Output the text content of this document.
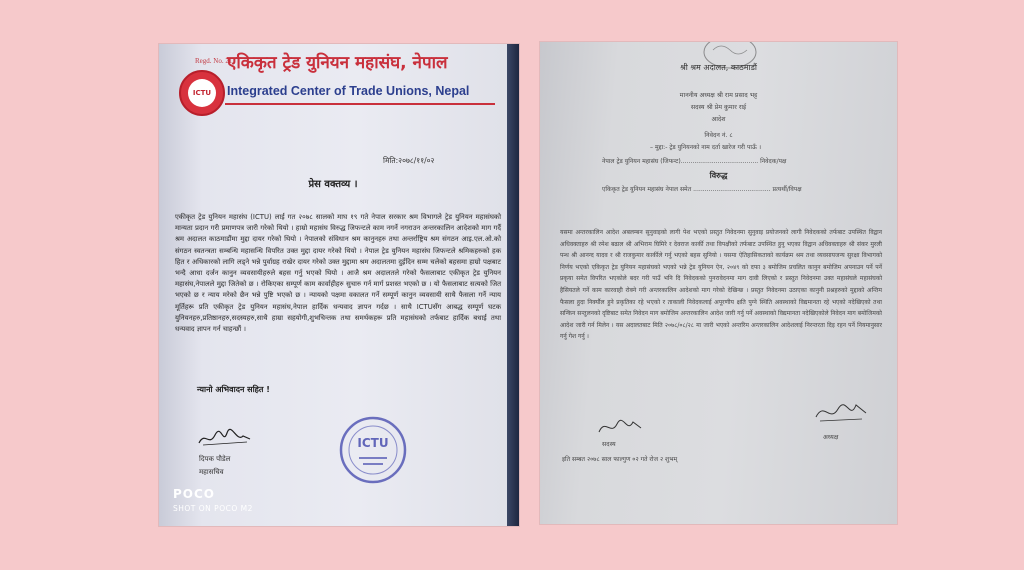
Regd. No. 21
ICTU
एकिकृत ट्रेड युनियन महासंघ, नेपाल
Integrated Center of Trade Unions, Nepal
मिति:२०७८/११/०२
प्रेस वक्तव्य ।
एकीकृत ट्रेड युनियन महासंघ (ICTU) लाई गत २०७८ सालको माघ १९ गते नेपाल सरकार श्रम विभागले ट्रेड युनियन महासंघको मान्यता प्रदान गरी प्रमाणपत्र जारी गरेको थियो । हाम्रो महासंघ विरुद्ध जिफन्टले काम नगर्ने नगराउन अन्तरकालिन आदेशको माग गर्दै श्रम अदालत काठमाडौंमा मुद्दा दायर गरेको थियो । नेपालको संविधान श्रम कानुनहरु तथा अन्तर्राष्ट्रिय श्रम संगठन आइ.एल.ओ.को संगठन स्वतन्त्रता सम्बन्धि महासन्धि विपरित उक्त मुद्दा दायर गरेको थियो । नेपाल ट्रेड युनियन महासंघ जिफन्टले श्रमिकहरुको हक हित र अधिकारको लागि लड्ने भन्ने पुर्वाग्रह राखेर दायर गरेको उक्त मुद्दामा श्रम अदालतमा दुईदिन सम्म चलेको बहसमा हाम्रो पक्षबाट भन्दै आधा दर्जन कानुन व्यवसायीहरुले बहस गर्नु भएको थियो । आजै श्रम अदालतले गरेको फैसलाबाट एकीकृत ट्रेड युनियन महासंघ,नेपालले मुद्दा जितेको छ । रोकिएका सम्पूर्ण काम कार्वाहीहरु सुचारु गर्न मार्ग प्रशस्त भएको छ । यो फैसलाबाट सत्यको जित भएको छ र न्याय मरेको छैन भन्ने पुष्टि भएको छ । न्यायको पक्षमा वकालत गर्ने सम्पूर्ण कानुन व्यवसायी साथै फैसला गर्ने न्याय मूर्तिहरू प्रति एकीकृत ट्रेड युनियन महासंघ,नेपाल हार्दिक धन्यवाद ज्ञापन गर्दछ । साथै ICTUसँग आबद्ध सम्पूर्ण घटक युनियनहरु,प्रतिष्ठानहरु,सदस्यहरु,साथै हाम्रा सहयोगी,शुभचिन्तक तथा समर्थकहरू प्रति महासंघको तर्फबाट हार्दिक बधाई तथा धन्यवाद ज्ञापन गर्न चाहन्छौं ।
न्यानो अभिवादन सहित !
दिपक पौडेल
महासचिव
ICTU
POCO
SHOT ON POCO M2
श्री श्रम अदालत, काठमाडौं
माननीय अध्यक्ष श्री राम प्रसाद भट्ट
सदस्य श्री प्रेम कुमार राई
आदेश
निवेदन नं. ८
– मुद्दा:- ट्रेड युनियनको नाम दर्ता खारेज गरी पाऊँ ।
नेपाल ट्रेड युनियन महासंघ (जिफन्ट)........................................ निवेदक/पक्ष
विरुद्ध
एकिकृत ट्रेड युनियन महासंघ नेपाल समेत ........................................ प्रत्यर्थी/विपक्ष
यसमा अन्तरकालिन आदेश अबलम्बन सुनुवाइको लागी पेश भएको प्रस्तुत निवेदनमा सुनुवाइ प्रयोजनको लागी निवेदकको तर्फबाट उपस्थित विद्वान अधिवक्ताहरु श्री रमेश बढाल श्री अभिराम घिमिरे र देवराज कार्की तथा विपक्षीको तर्फबाट उपस्थित हुनु भएका विद्वान अधिवक्ताहरु श्री संकर मुरली पन्थ श्री आनन्द यादव र श्री राजकुमार कार्कीले गर्नु भएको बहस सुनियो । यसमा ऐतिहासिकताको कार्यक्रम श्रम तथा व्यवसायजन्य सुरक्षा विभागको निर्णय भएको एकिकृत ट्रेड युनियन महासंघको भएको भन्ने ट्रेड युनियन ऐन, २०४९ को दफा ३ बमोजिम प्रचलित कानुन बमोजिम अपनाउन पर्ने पर्ने प्रकृया समेत विपरित भएकोले बदर गरी पाउँ भनि दि निवेदकको पुनरावेदनमा माग दावी लिएको र प्रस्तुत निवेदनमा उक्त महासंघले महासंघको हैसियतले गर्ने काम कारवाही रोक्ने गरी अन्तरकालिन आदेशको माग गरेको देखिन्छ । प्रस्तुत निवेदनमा उठाएका कानुनी प्रश्नहरुको मुद्दाको अन्तिम फैसला हुदा निर्क्यौल हुने प्रकृतिका रहे भएको र ताकाली निवेदकलाई अपूरणीय क्षति पुग्ने स्थिति अवस्थाको विद्यमानता रहे भएको नदेखिएको तथा सन्किन सन्तुलनको दृष्टिबाट समेत निवेदन माग बमोजिम अन्तरकालिन आदेश जारी गर्नु पर्ने अवस्थाको विद्यमानता नदेखिएकोले निवेदन माग बमोजिमको आदेश जारी गर्न मिलेन । यस अदालतबाट मिति २०७८/०८/२८ मा जारी भएको अन्तरिम अन्तरकालिन आदेशलाई निरन्तरता दिइ रहन पर्ने नियमानुसार गर्नु गेश गर्नु ।
सदस्य
अध्यक्ष
इति सम्बत २०७८ साल फाल्गुण ०२ गते रोज २ शुभम्
